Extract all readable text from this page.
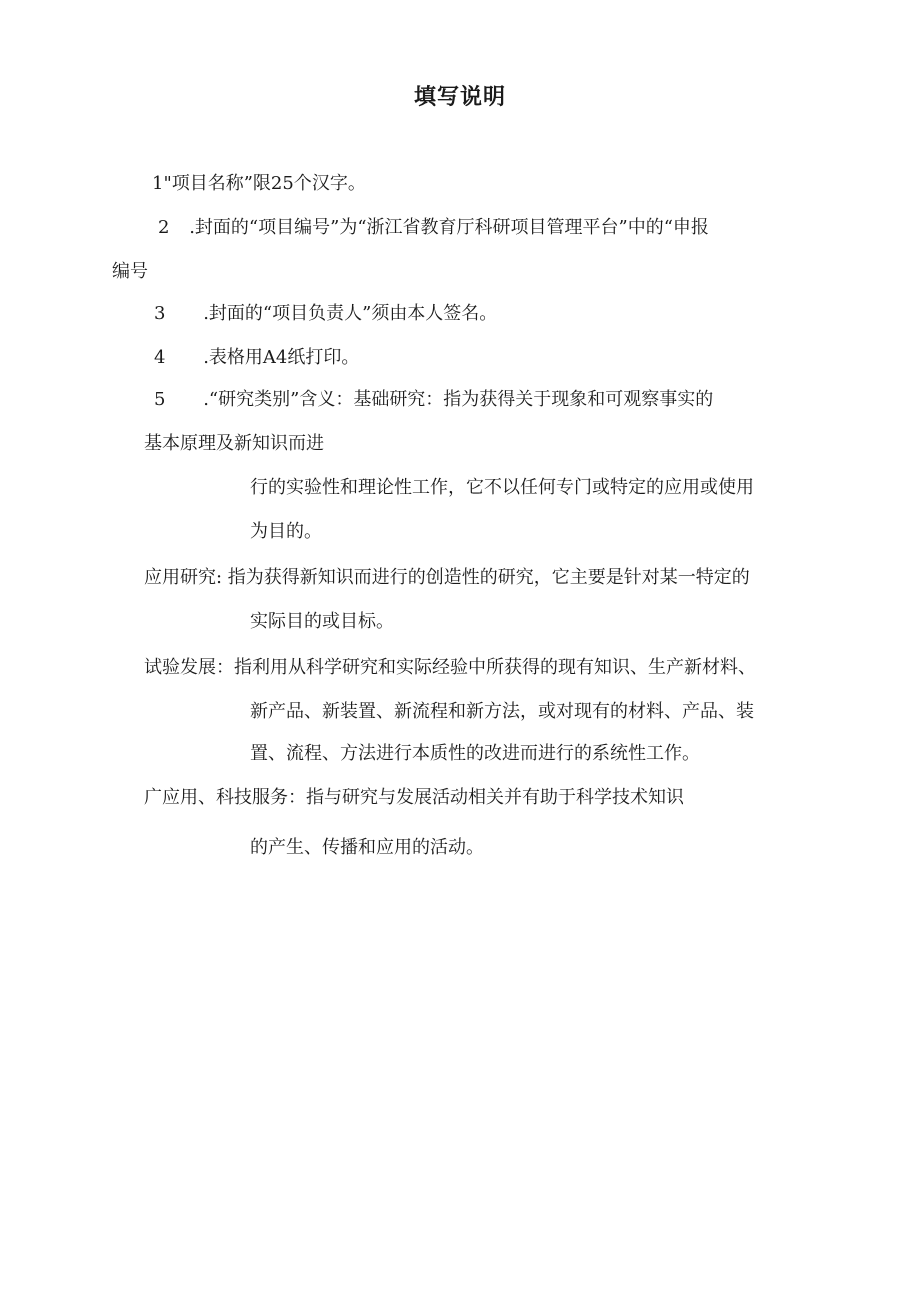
填写说明
1"项目名称”限25个汉字。
2 .封面的“项目编号”为“浙江省教育厅科研项目管理平台”中的“申报
编号
3 .封面的“项目负责人”须由本人签名。
4 .表格用A4纸打印。
5 .“研究类别”含义：基础研究：指为获得关于现象和可观察事实的
基本原理及新知识而进
行的实验性和理论性工作，它不以任何专门或特定的应用或使用
为目的。
应用研究: 指为获得新知识而进行的创造性的研究，它主要是针对某一特定的
实际目的或目标。
试验发展：指利用从科学研究和实际经验中所获得的现有知识、生产新材料、
新产品、新装置、新流程和新方法，或对现有的材料、产品、装
置、流程、方法进行本质性的改进而进行的系统性工作。
广应用、科技服务：指与研究与发展活动相关并有助于科学技术知识
的产生、传播和应用的活动。
